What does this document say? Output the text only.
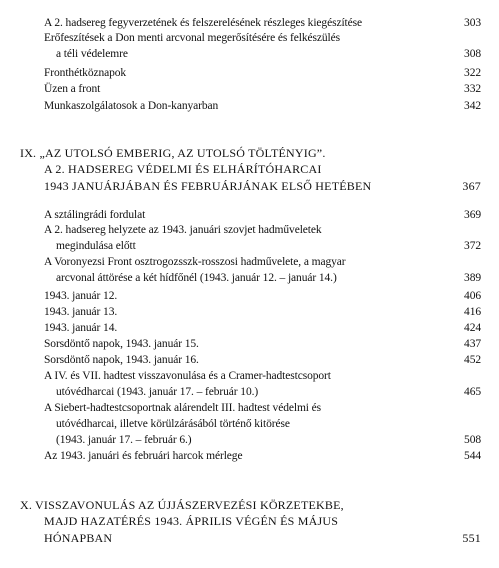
A 2. hadsereg fegyverzetének és felszerelésének részleges kiegészítése	303
Erőfeszítések a Don menti arcvonal megerősítésére és felkészülés
a téli védelemre	308
Fronthétköznapok	322
Üzen a front	332
Munkaszolgálatosok a Don-kanyarban	342
IX. „AZ UTOLSÓ EMBERIG, AZ UTOLSÓ TÖLTÉNYIG”.
A 2. HADSEREG VÉDELMI ÉS ELHÁRÍTÓHARCAI
1943 JANUÁRJÁBAN ÉS FEBRUÁRJÁNAK ELSŐ HETÉBEN	367
A sztálingrádi fordulat	369
A 2. hadsereg helyzete az 1943. januári szovjet hadműveletek
megindulása előtt	372
A Voronyezsi Front osztrogozsszk-rosszosi hadművelete, a magyar
arcvonal áttörése a két hídfőnél (1943. január 12. – január 14.)	389
1943. január 12.	406
1943. január 13.	416
1943. január 14.	424
Sorsdöntő napok, 1943. január 15.	437
Sorsdöntő napok, 1943. január 16.	452
A IV. és VII. hadtest visszavonulása és a Cramer-hadtestcsoport
utóvédharcai (1943. január 17. – február 10.)	465
A Siebert-hadtestcsoportnak alárendelt III. hadtest védelmi és
utóvédharcai, illetve körülzárásából történő kitörése
(1943. január 17. – február 6.)	508
Az 1943. januári és februári harcok mérlege	544
X. VISSZAVONULÁS AZ ÚJJÁSZERVEZÉSI KÖRZETEKBE,
MAJD HAZATÉRÉS 1943. ÁPRILIS VÉGÉN ÉS MÁJUS
HÓNAPBAN	551
